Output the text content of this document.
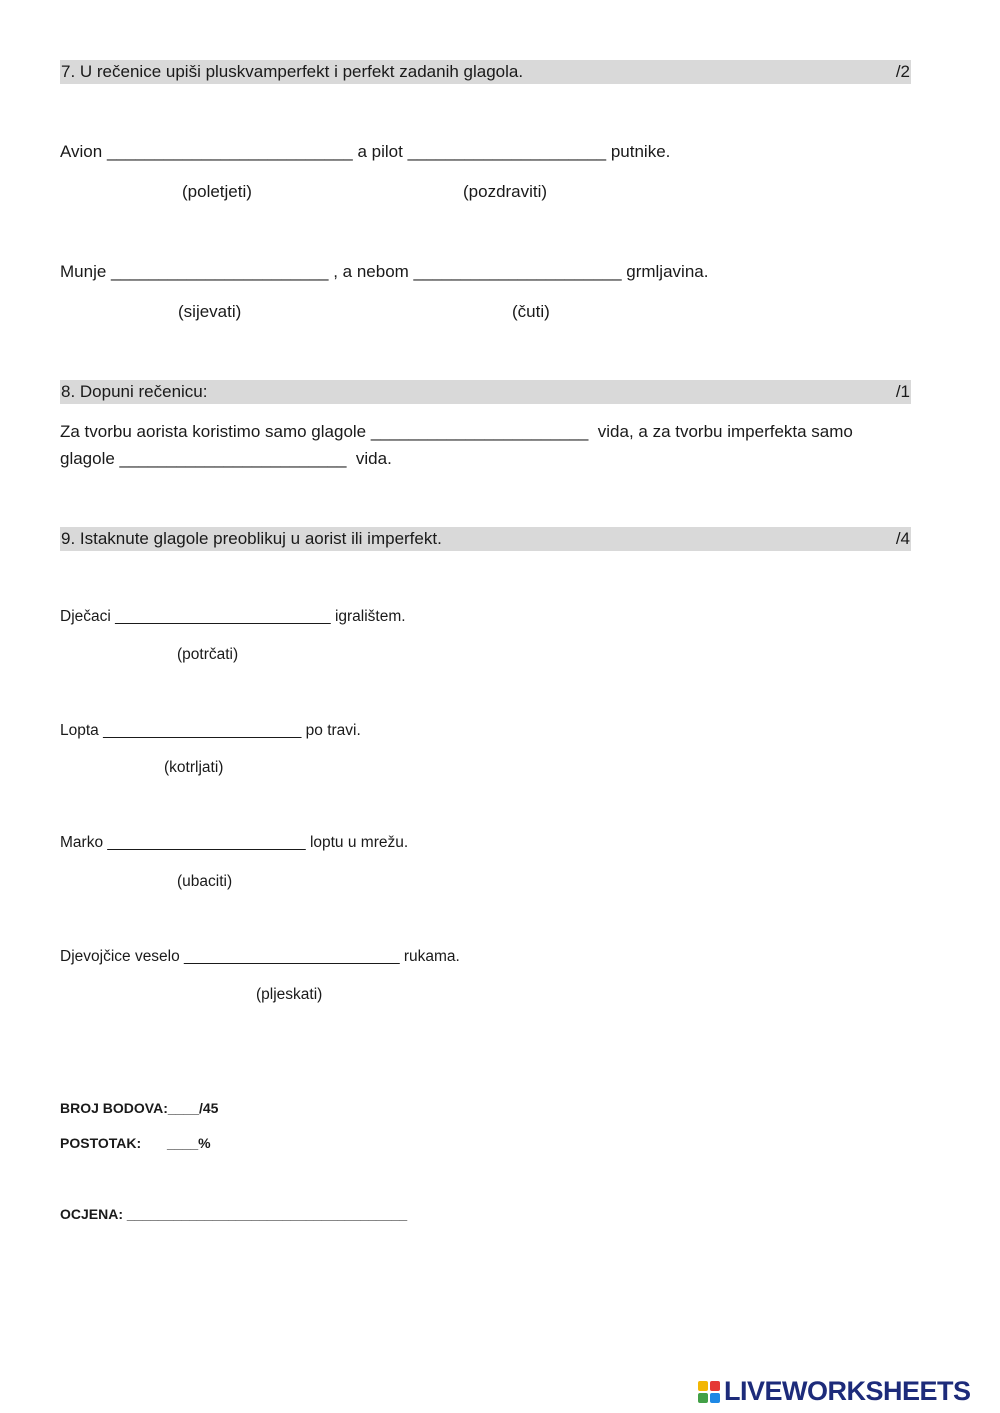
7. U rečenice upiši pluskvamperfekt i perfekt zadanih glagola.	/2
Avion __________________________ a pilot _____________________ putnike.
(poletjeti)	(pozdraviti)
Munje _______________________ , a nebom ______________________ grmljavina.
(sijevati)	(čuti)
8. Dopuni rečenicu:	/1
Za tvorbu aorista koristimo samo glagole _______________________  vida, a za tvorbu imperfekta samo
glagole ________________________  vida.
9. Istaknute glagole preoblikuj u aorist ili imperfekt.	/4
Dječaci _________________________ igralištem.
(potrčati)
Lopta _______________________ po travi.
(kotrljati)
Marko _______________________ loptu u mrežu.
(ubaciti)
Djevojčice veselo _________________________ rukama.
(pljeskati)
BROJ BODOVA:____/45
POSTOTAK: ____%
OCJENA: ____________________________________
LIVEWORKSHEETS
